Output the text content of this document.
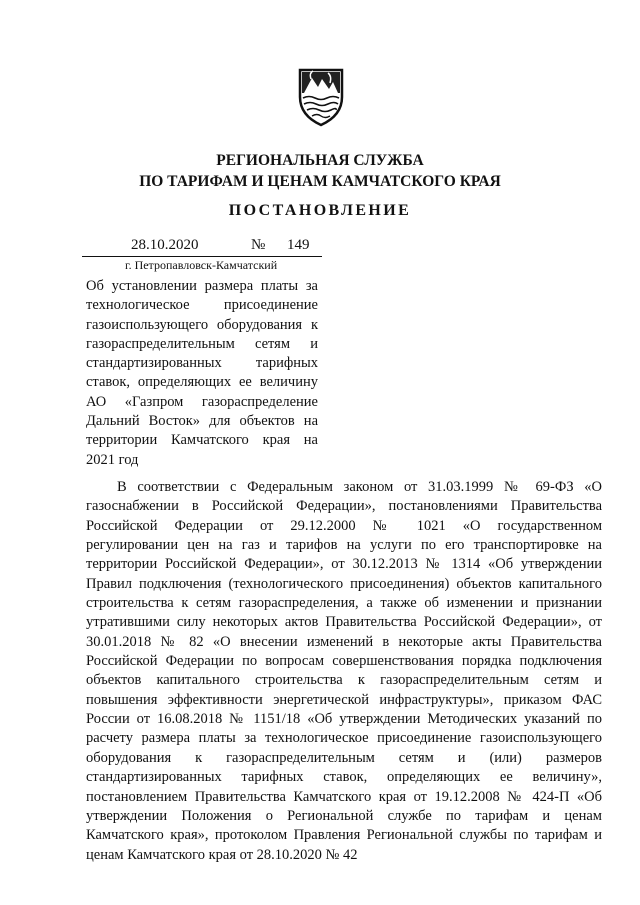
РЕГИОНАЛЬНАЯ СЛУЖБА
ПО ТАРИФАМ И ЦЕНАМ КАМЧАТСКОГО КРАЯ
ПОСТАНОВЛЕНИЕ
28.10.2020	№ 149
г. Петропавловск-Камчатский
Об установлении размера платы за
технологическое присоединение
газоиспользующего оборудования к
газораспределительным сетям и
стандартизированных тарифных
ставок, определяющих ее величину
АО «Газпром газораспределение
Дальний Восток» для объектов на
территории Камчатского края на
2021 год
В соответствии с Федеральным законом от 31.03.1999 № 69-ФЗ «О
газоснабжении в Российской Федерации», постановлениями Правительства
Российской Федерации от 29.12.2000 № 1021 «О государственном
регулировании цен на газ и тарифов на услуги по его транспортировке на
территории Российской Федерации», от 30.12.2013 № 1314 «Об утверждении
Правил подключения (технологического присоединения) объектов капитального
строительства к сетям газораспределения, а также об изменении и признании
утратившими силу некоторых актов Правительства Российской Федерации», от
30.01.2018 № 82 «О внесении изменений в некоторые акты Правительства
Российской Федерации по вопросам совершенствования порядка подключения
объектов капитального строительства к газораспределительным сетям и
повышения эффективности энергетической инфраструктуры», приказом ФАС
России от 16.08.2018 № 1151/18 «Об утверждении Методических указаний по
расчету размера платы за технологическое присоединение газоиспользующего
оборудования к газораспределительным сетям и (или) размеров
стандартизированных тарифных ставок, определяющих ее величину»,
постановлением Правительства Камчатского края от 19.12.2008 № 424-П «Об
утверждении Положения о Региональной службе по тарифам и ценам
Камчатского края», протоколом Правления Региональной службы по тарифам и
ценам Камчатского края от 28.10.2020 № 42
